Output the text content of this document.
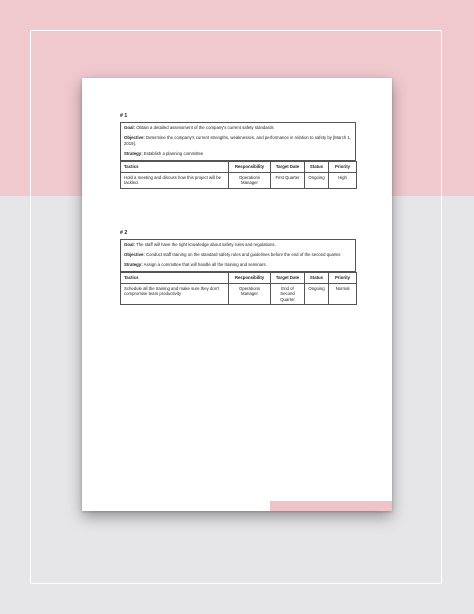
# 1

Goal: Obtain a detailed assessment of the company's current safety standards

Objective: Determine the company's current strengths, weaknesses, and performance in relation to safety by [March 1, 2019].

Strategy: Establish a planning committee

Tactics	Responsibility	Target Date	Status	Priority
Hold a meeting and discuss how this project will be tackled.	Operations Manager	First Quarter	Ongoing	High
# 2

Goal: The staff will have the right knowledge about safety rules and regulations.

Objective: Conduct staff training on the standard safety rules and guidelines before the end of the second quarter.

Strategy: Assign a committee that will handle all the training and seminars.

Tactics	Responsibility	Target Date	Status	Priority
Schedule all the training and make sure they don't compromise team productivity	Operations Manager	End of Second Quarter	Ongoing	Normal
